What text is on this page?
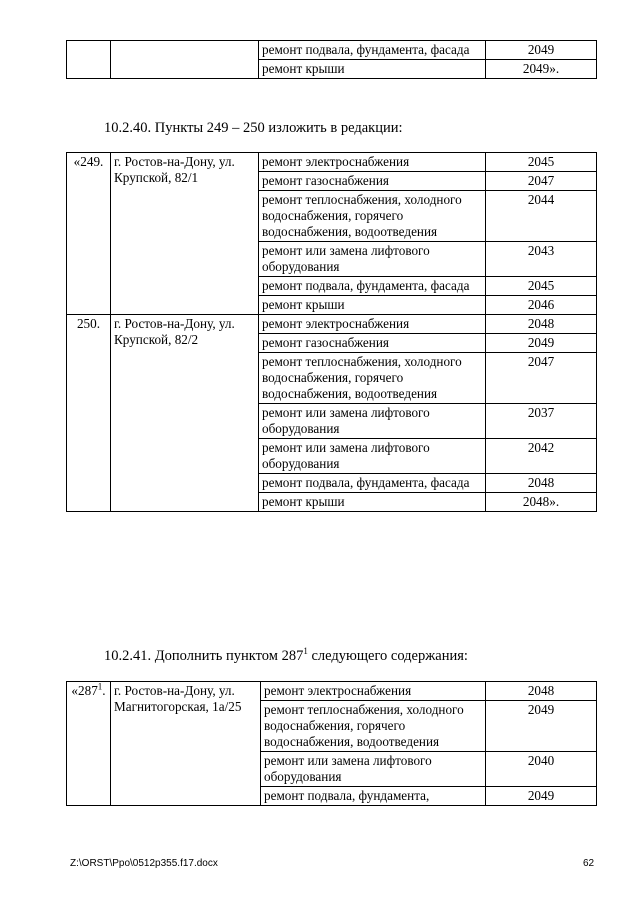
		ремонт подвала, фундамента, фасада	2049
		ремонт крыши	2049».
10.2.40. Пункты 249 – 250 изложить в редакции:
«249.	г. Ростов-на-Дону, ул. Крупской, 82/1	ремонт электроснабжения	2045
		ремонт газоснабжения	2047
		ремонт теплоснабжения, холодного водоснабжения, горячего водоснабжения, водоотведения	2044
		ремонт или замена лифтового оборудования	2043
		ремонт подвала, фундамента, фасада	2045
		ремонт крыши	2046
250.	г. Ростов-на-Дону, ул. Крупской, 82/2	ремонт электроснабжения	2048
		ремонт газоснабжения	2049
		ремонт теплоснабжения, холодного водоснабжения, горячего водоснабжения, водоотведения	2047
		ремонт или замена лифтового оборудования	2037
		ремонт или замена лифтового оборудования	2042
		ремонт подвала, фундамента, фасада	2048
		ремонт крыши	2048».
10.2.41. Дополнить пунктом $287^1$ следующего содержания:
«$287^1$.	г. Ростов-на-Дону, ул. Магнитогорская, 1а/25	ремонт электроснабжения	2048
		ремонт теплоснабжения, холодного водоснабжения, горячего водоснабжения, водоотведения	2049
		ремонт или замена лифтового оборудования	2040
		ремонт подвала, фундамента,	2049
Z:\ORST\Ppo\0512p355.f17.docx	62
